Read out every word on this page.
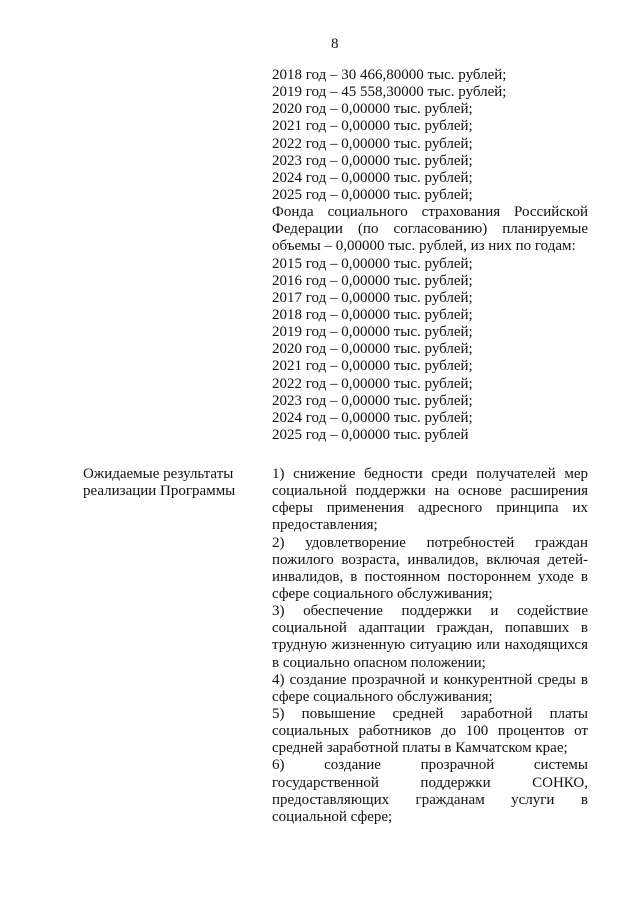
8
2018 год – 30 466,80000 тыс. рублей;
2019 год – 45 558,30000 тыс. рублей;
2020 год – 0,00000 тыс. рублей;
2021 год – 0,00000 тыс. рублей;
2022 год – 0,00000 тыс. рублей;
2023 год – 0,00000 тыс. рублей;
2024 год – 0,00000 тыс. рублей;
2025 год – 0,00000 тыс. рублей;
Фонда социального страхования Российской
Федерации (по согласованию) планируемые
объемы – 0,00000 тыс. рублей, из них по годам:
2015 год – 0,00000 тыс. рублей;
2016 год – 0,00000 тыс. рублей;
2017 год – 0,00000 тыс. рублей;
2018 год – 0,00000 тыс. рублей;
2019 год – 0,00000 тыс. рублей;
2020 год – 0,00000 тыс. рублей;
2021 год – 0,00000 тыс. рублей;
2022 год – 0,00000 тыс. рублей;
2023 год – 0,00000 тыс. рублей;
2024 год – 0,00000 тыс. рублей;
2025 год – 0,00000 тыс. рублей
Ожидаемые результаты
реализации Программы
1) снижение бедности среди получателей мер
социальной поддержки на основе расширения
сферы применения адресного принципа их
предоставления;
2) удовлетворение потребностей граждан
пожилого возраста, инвалидов, включая детей-
инвалидов, в постоянном постороннем уходе в
сфере социального обслуживания;
3) обеспечение поддержки и содействие
социальной адаптации граждан, попавших в
трудную жизненную ситуацию или находящихся
в социально опасном положении;
4) создание прозрачной и конкурентной среды в
сфере социального обслуживания;
5) повышение средней заработной платы
социальных работников до 100 процентов от
средней заработной платы в Камчатском крае;
6) создание прозрачной системы
государственной поддержки СОНКО,
предоставляющих гражданам услуги в
социальной сфере;
